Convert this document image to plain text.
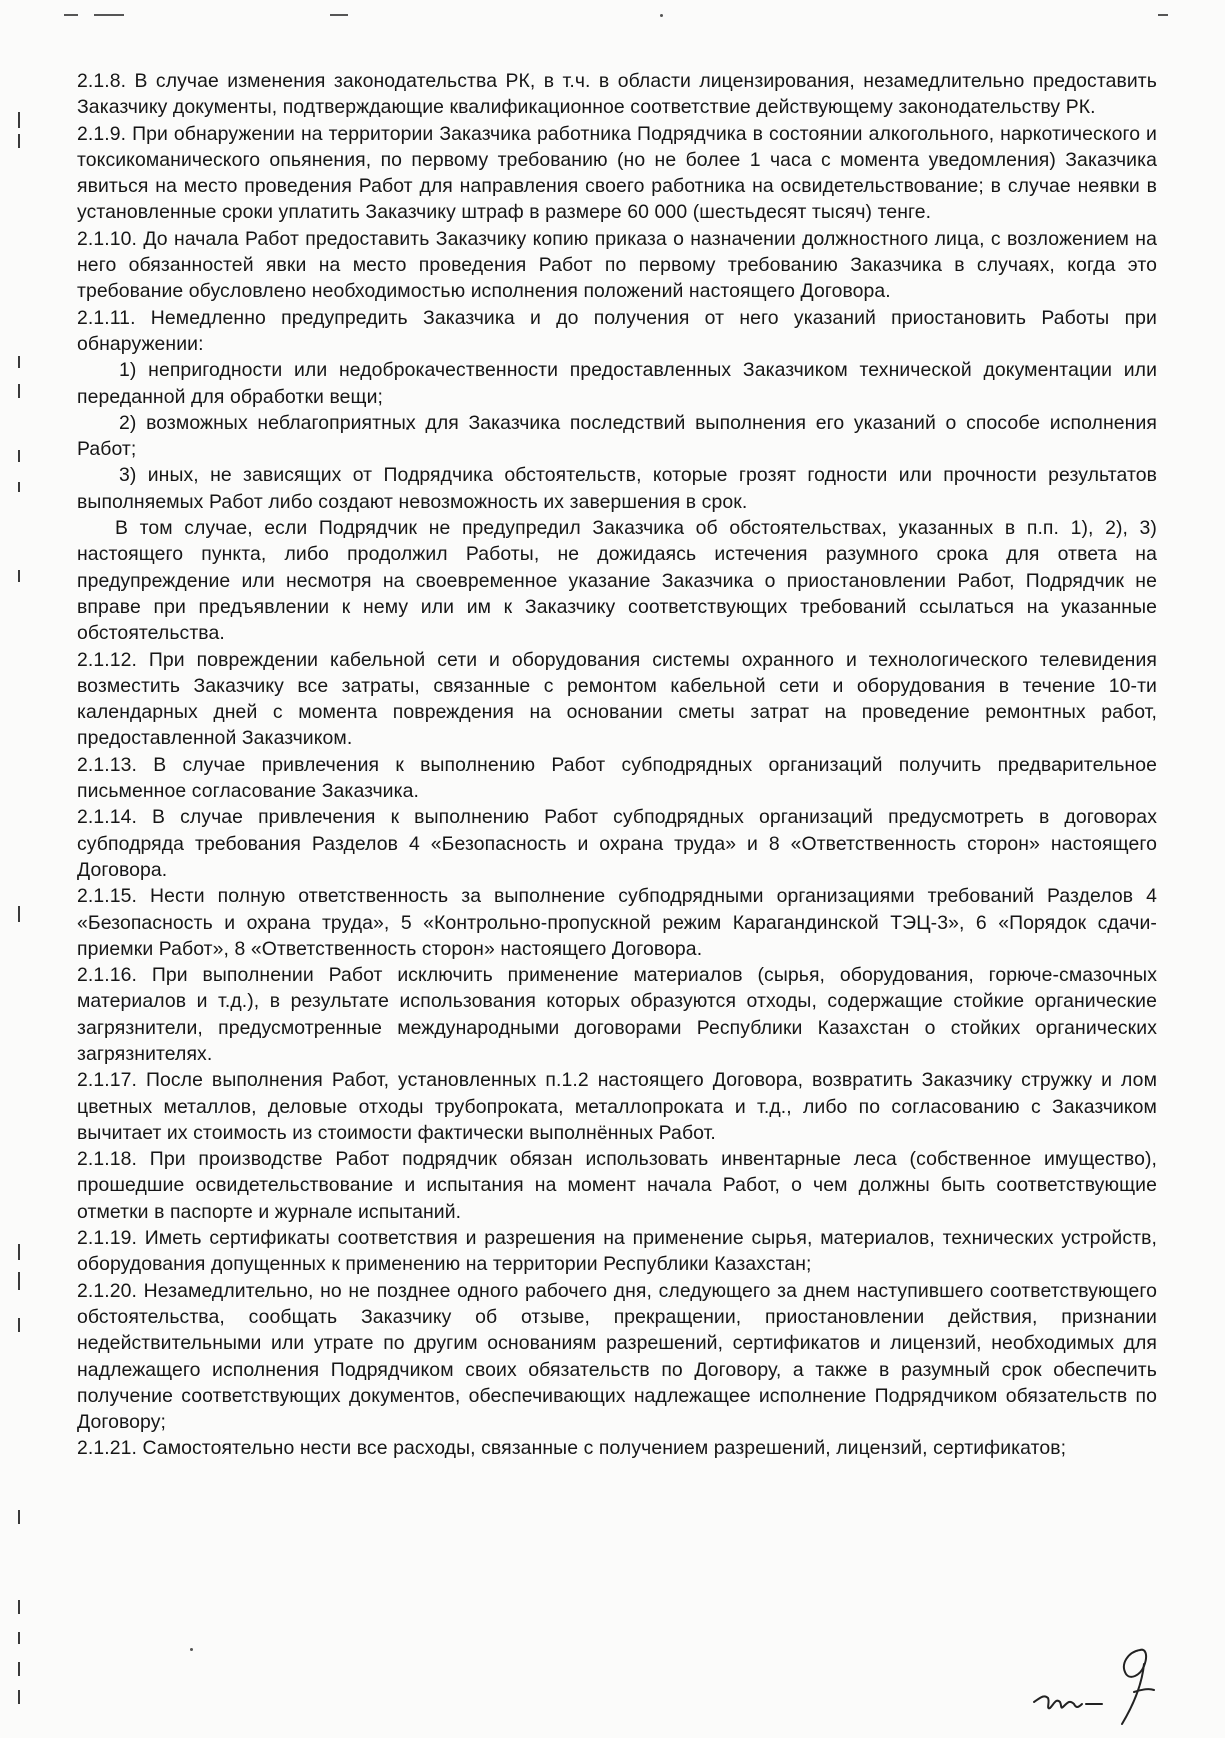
2.1.8. В случае изменения законодательства РК, в т.ч. в области лицензирования, незамедлительно предоставить Заказчику документы, подтверждающие квалификационное соответствие действующему законодательству РК.

2.1.9. При обнаружении на территории Заказчика работника Подрядчика в состоянии алкогольного, наркотического и токсикоманического опьянения, по первому требованию (но не более 1 часа с момента уведомления) Заказчика явиться на место проведения Работ для направления своего работника на освидетельствование; в случае неявки в установленные сроки уплатить Заказчику штраф в размере 60 000 (шестьдесят тысяч) тенге.

2.1.10. До начала Работ предоставить Заказчику копию приказа о назначении должностного лица, с возложением на него обязанностей явки на место проведения Работ по первому требованию Заказчика в случаях, когда это требование обусловлено необходимостью исполнения положений настоящего Договора.

2.1.11. Немедленно предупредить Заказчика и до получения от него указаний приостановить Работы при обнаружении:

1) непригодности или недоброкачественности предоставленных Заказчиком технической документации или переданной для обработки вещи;

2) возможных неблагоприятных для Заказчика последствий выполнения его указаний о способе исполнения Работ;

3) иных, не зависящих от Подрядчика обстоятельств, которые грозят годности или прочности результатов выполняемых Работ либо создают невозможность их завершения в срок.

В том случае, если Подрядчик не предупредил Заказчика об обстоятельствах, указанных в п.п. 1), 2), 3) настоящего пункта, либо продолжил Работы, не дожидаясь истечения разумного срока для ответа на предупреждение или несмотря на своевременное указание Заказчика о приостановлении Работ, Подрядчик не вправе при предъявлении к нему или им к Заказчику соответствующих требований ссылаться на указанные обстоятельства.

2.1.12. При повреждении кабельной сети и оборудования системы охранного и технологического телевидения возместить Заказчику все затраты, связанные с ремонтом кабельной сети и оборудования в течение 10-ти календарных дней с момента повреждения на основании сметы затрат на проведение ремонтных работ, предоставленной Заказчиком.

2.1.13. В случае привлечения к выполнению Работ субподрядных организаций получить предварительное письменное согласование Заказчика.

2.1.14. В случае привлечения к выполнению Работ субподрядных организаций предусмотреть в договорах субподряда требования Разделов 4 «Безопасность и охрана труда» и 8 «Ответственность сторон» настоящего Договора.

2.1.15. Нести полную ответственность за выполнение субподрядными организациями требований Разделов 4 «Безопасность и охрана труда», 5 «Контрольно-пропускной режим Карагандинской ТЭЦ-3», 6 «Порядок сдачи-приемки Работ», 8 «Ответственность сторон» настоящего Договора.

2.1.16. При выполнении Работ исключить применение материалов (сырья, оборудования, горюче-смазочных материалов и т.д.), в результате использования которых образуются отходы, содержащие стойкие органические загрязнители, предусмотренные международными договорами Республики Казахстан о стойких органических загрязнителях.

2.1.17. После выполнения Работ, установленных п.1.2 настоящего Договора, возвратить Заказчику стружку и лом цветных металлов, деловые отходы трубопроката, металлопроката и т.д., либо по согласованию с Заказчиком вычитает их стоимость из стоимости фактически выполнённых Работ.

2.1.18. При производстве Работ подрядчик обязан использовать инвентарные леса (собственное имущество), прошедшие освидетельствование и испытания на момент начала Работ, о чем должны быть соответствующие отметки в паспорте и журнале испытаний.

2.1.19. Иметь сертификаты соответствия и разрешения на применение сырья, материалов, технических устройств, оборудования допущенных к применению на территории Республики Казахстан;

2.1.20. Незамедлительно, но не позднее одного рабочего дня, следующего за днем наступившего соответствующего обстоятельства, сообщать Заказчику об отзыве, прекращении, приостановлении действия, признании недействительными или утрате по другим основаниям разрешений, сертификатов и лицензий, необходимых для надлежащего исполнения Подрядчиком своих обязательств по Договору, а также в разумный срок обеспечить получение соответствующих документов, обеспечивающих надлежащее исполнение Подрядчиком обязательств по Договору;

2.1.21. Самостоятельно нести все расходы, связанные с получением разрешений, лицензий, сертификатов;
